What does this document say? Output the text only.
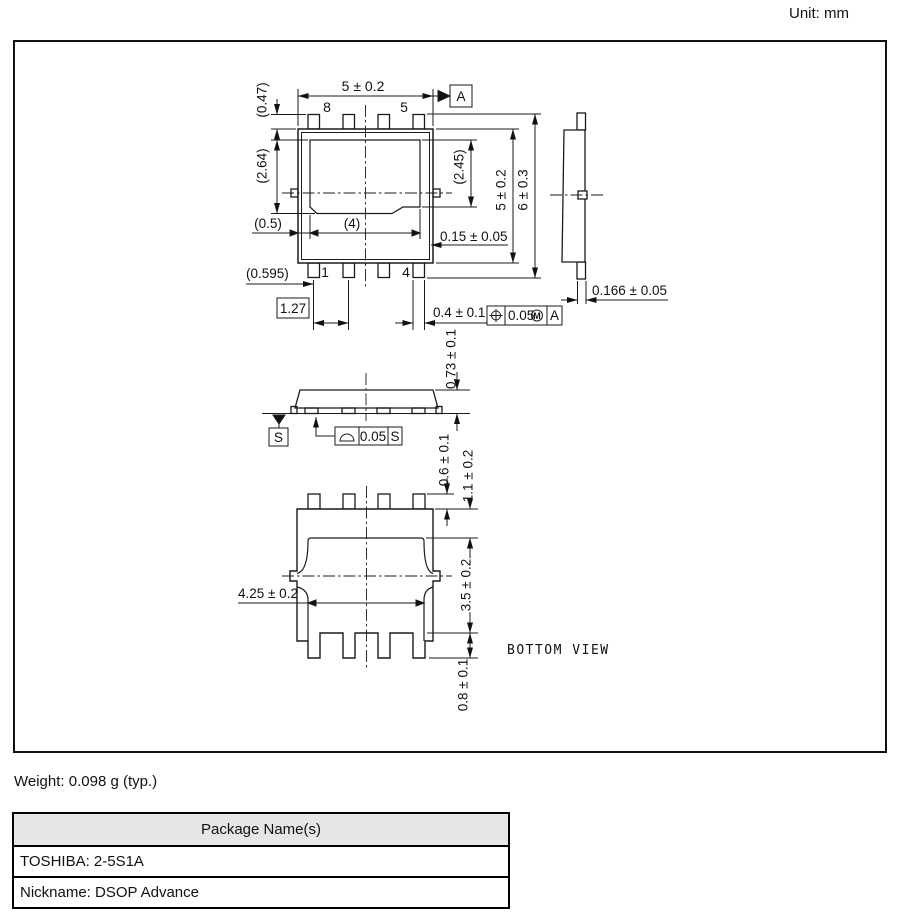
Unit: mm
5 ± 0.2
A
(0.47)
(2.64)	(2.45)
5 ± 0.2 6 ± 0.3
0.15 ± 0.05
(0.5)	(4)
(0.595)
1.27	0.4 ± 0.1
8	5
1	4
0.05
M A
0.166 ± 0.05
0.73 ± 0.1
S	0.05 S	0.6 ± 0.1 1.1 ± 0.2
3.5 ± 0.2
0.8 ± 0.1
4.25 ± 0.2
BOTTOM VIEW
Weight: 0.098 g (typ.)
Package Name(s)
TOSHIBA: 2-5S1A
Nickname: DSOP Advance
